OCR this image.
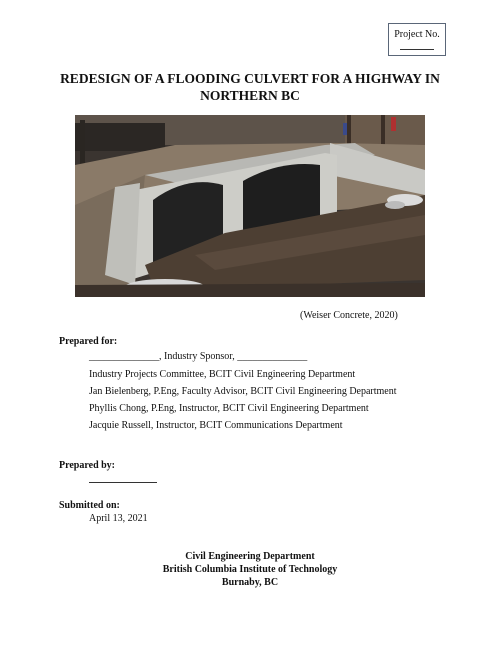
Project No.
REDESIGN OF A FLOODING CULVERT FOR A HIGHWAY IN NORTHERN BC
(Weiser Concrete, 2020)
Prepared for:
______________, Industry Sponsor, ______________
Industry Projects Committee, BCIT Civil Engineering Department
Jan Bielenberg, P.Eng, Faculty Advisor, BCIT Civil Engineering Department
Phyllis Chong, P.Eng, Instructor, BCIT Civil Engineering Department
Jacquie Russell, Instructor, BCIT Communications Department
Prepared by:
Submitted on:
April 13, 2021
Civil Engineering Department
British Columbia Institute of Technology
Burnaby, BC
